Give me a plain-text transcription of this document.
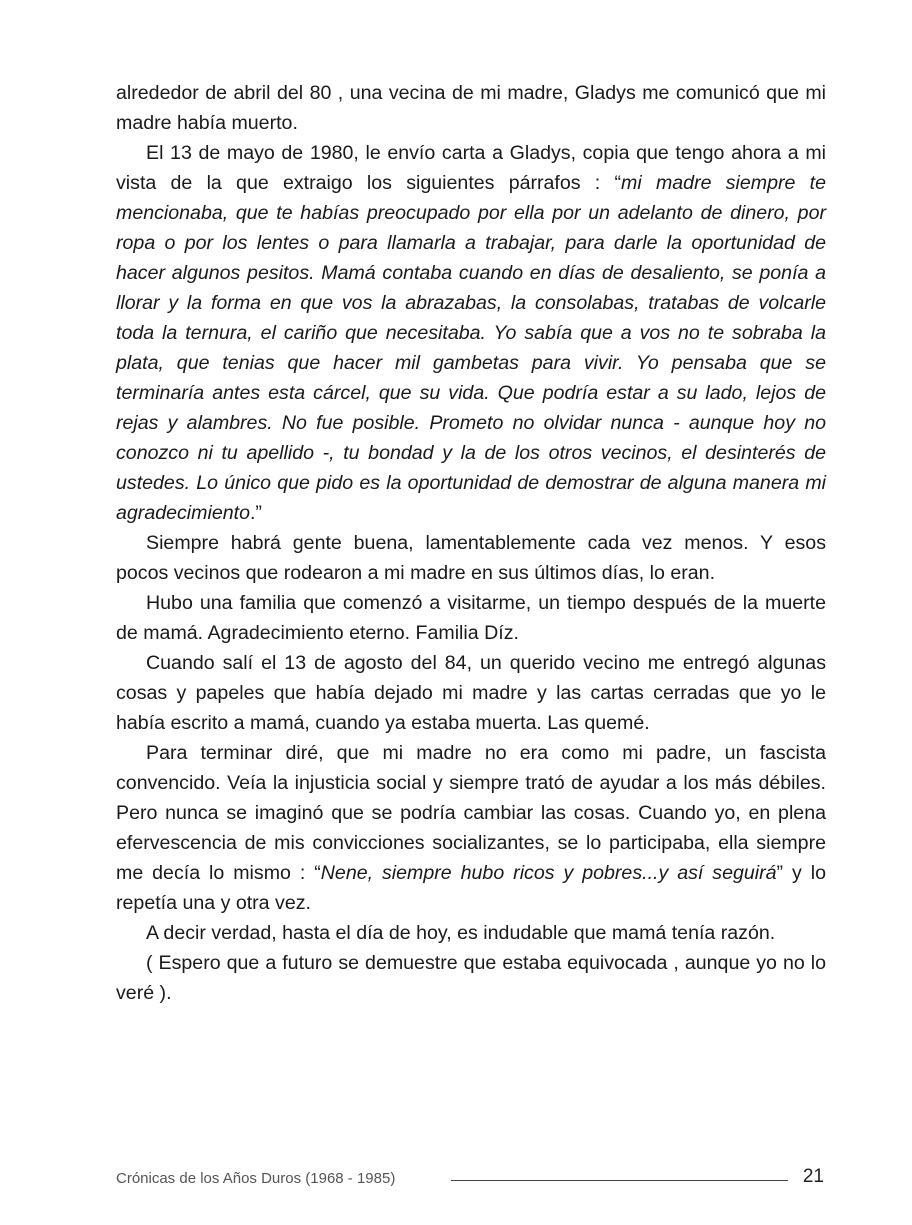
alrededor de abril del 80 , una vecina de mi madre, Gladys me comunicó que mi madre había muerto.

El 13 de mayo de 1980, le envío carta a Gladys, copia que tengo ahora a mi vista de la que extraigo los siguientes párrafos : “mi madre siempre te mencionaba, que te habías preocupado por ella por un adelanto de dinero, por ropa o por los lentes o para llamarla a trabajar, para darle la oportunidad de hacer algunos pesitos. Mamá contaba cuando en días de desaliento, se ponía a llorar y la forma en que vos la abrazabas, la consolabas, tratabas de volcarle toda la ternura, el cariño que necesitaba. Yo sabía que a vos no te sobraba la plata, que tenias que hacer mil gambetas para vivir. Yo pensaba que se terminaría antes esta cárcel, que su vida. Que podría estar a su lado, lejos de rejas y alambres. No fue posible. Prometo no olvidar nunca - aunque hoy no conozco ni tu apellido -, tu bondad y la de los otros vecinos, el desinterés de ustedes. Lo único que pido es la oportunidad de demostrar de alguna manera mi agradecimiento.”

Siempre habrá gente buena, lamentablemente cada vez menos. Y esos pocos vecinos que rodearon a mi madre en sus últimos días, lo eran.

Hubo una familia que comenzó a visitarme, un tiempo después de la muerte de mamá. Agradecimiento eterno. Familia Díz.

Cuando salí el 13 de agosto del 84, un querido vecino me entregó algunas cosas y papeles que había dejado mi madre y las cartas cerradas que yo le había escrito a mamá, cuando ya estaba muerta. Las quemé.

Para terminar diré, que mi madre no era como mi padre, un fascista convencido. Veía la injusticia social y siempre trató de ayudar a los más débiles. Pero nunca se imaginó que se podría cambiar las cosas. Cuando yo, en plena efervescencia de mis convicciones socializantes, se lo participaba, ella siempre me decía lo mismo : “Nene, siempre hubo ricos y pobres...y así seguirá” y lo repetía una y otra vez.

A decir verdad, hasta el día de hoy, es indudable que mamá tenía razón.

( Espero que a futuro se demuestre que estaba equivocada , aunque yo no lo veré ).

Crónicas de los Años Duros (1968 - 1985)	21
